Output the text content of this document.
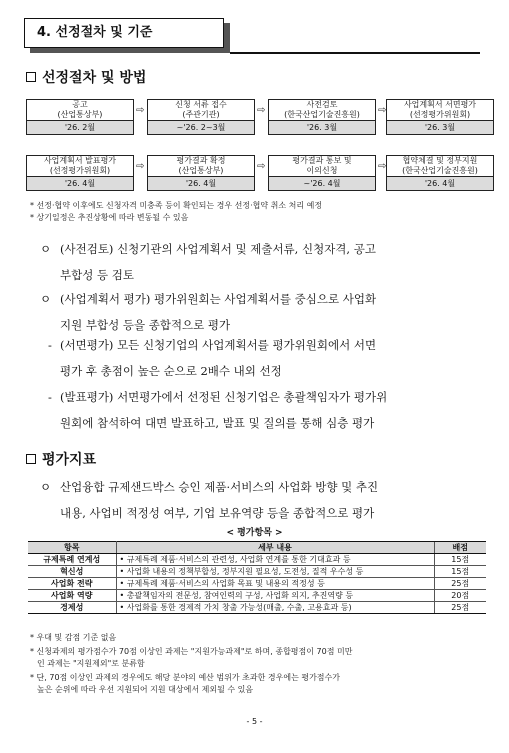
4. 선정절차 및 기준
선정절차 및 방법
공고
(산업통상부)
'26. 2월
⇨
신청 서류 접수
(주관기관)
~'26. 2~3월
⇨
사전검토
(한국산업기술진흥원)
'26. 3월
⇨
사업계획서 서면평가
(선정평가위원회)
'26. 3월
사업계획서 발표평가
(선정평가위원회)
'26. 4월
⇨
평가결과 확정
(산업통상부)
'26. 4월
⇨
평가결과 통보 및
이의신청
~'26. 4월
⇨
협약체결 및 정부지원
(한국산업기술진흥원)
'26. 4월
* 선정·협약 이후에도 신청자격 미충족 등이 확인되는 경우 선정·협약 취소 처리 예정
* 상기일정은 추진상황에 따라 변동될 수 있음
ㅇ (사전검토) 신청기관의 사업계획서 및 제출서류, 신청자격, 공고
부합성 등 검토
ㅇ (사업계획서 평가) 평가위원회는 사업계획서를 중심으로 사업화
지원 부합성 등을 종합적으로 평가
- (서면평가) 모든 신청기업의 사업계획서를 평가위원회에서 서면
평가 후 총점이 높은 순으로 2배수 내외 선정
- (발표평가) 서면평가에서 선정된 신청기업은 총괄책임자가 평가위
원회에 참석하여 대면 발표하고, 발표 및 질의를 통해 심층 평가
평가지표
ㅇ 산업융합 규제샌드박스 승인 제품·서비스의 사업화 방향 및 추진
내용, 사업비 적정성 여부, 기업 보유역량 등을 종합적으로 평가
< 평가항목 >
항목	세부 내용	배점
규제특례 연계성	• 규제특례 제품·서비스의 관련성, 사업화 연계를 통한 기대효과 등	15점
혁신성	• 사업화 내용의 정책부합성, 정부지원 필요성, 도전성, 질적 우수성 등	15점
사업화 전략	• 규제특례 제품·서비스의 사업화 목표 및 내용의 적정성 등	25점
사업화 역량	• 총괄책임자의 전문성, 참여인력의 구성, 사업화 의지, 추진역량 등	20점
경제성	• 사업화를 통한 경제적 가치 창출 가능성(매출, 수출, 고용효과 등)	25점
* 우대 및 감점 기준 없음
* 신청과제의 평가점수가 70점 이상인 과제는 "지원가능과제"로 하며, 종합평점이 70점 미만
인 과제는 "지원제외"로 분류함
* 단, 70점 이상인 과제의 경우에도 해당 분야의 예산 범위가 초과한 경우에는 평가점수가
높은 순위에 따라 우선 지원되어 지원 대상에서 제외될 수 있음
- 5 -
